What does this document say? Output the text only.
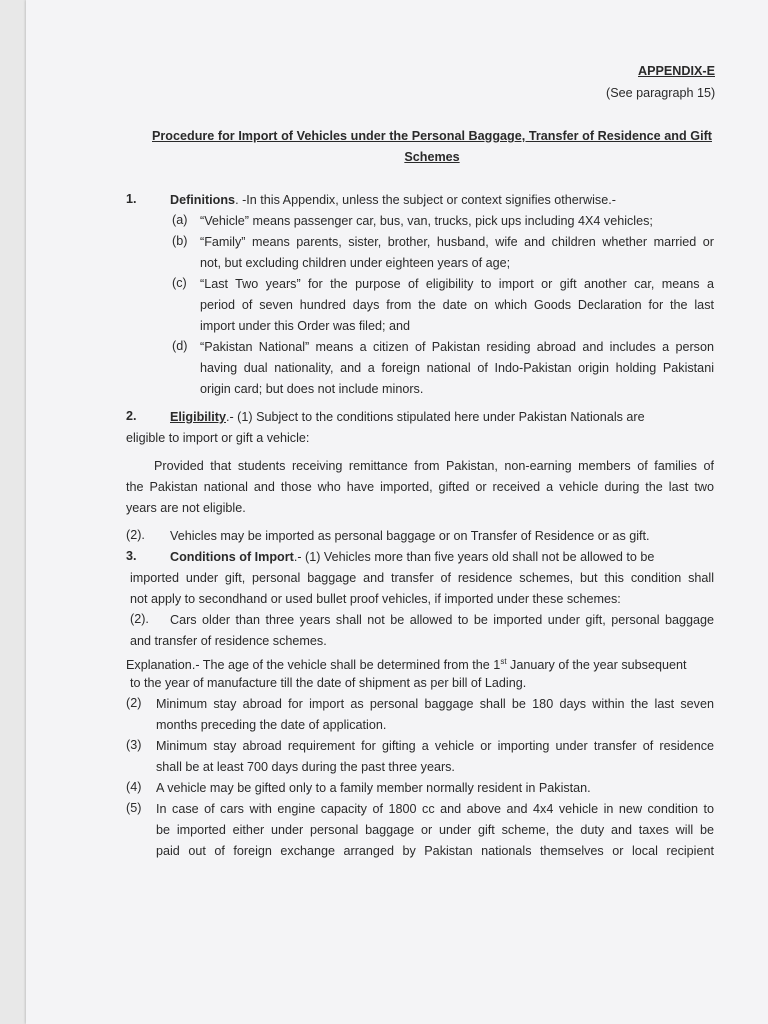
APPENDIX-E
(See paragraph 15)
Procedure for Import of Vehicles under the Personal Baggage, Transfer of Residence and Gift
Schemes
1.	Definitions. -In this Appendix, unless the subject or context signifies otherwise.-
(a) “Vehicle” means passenger car, bus, van, trucks, pick ups including 4X4 vehicles;
(b) “Family” means parents, sister, brother, husband, wife and children whether married or
not, but excluding children under eighteen years of age;
(c) “Last Two years” for the purpose of eligibility to import or gift another car, means a
period of seven hundred days from the date on which Goods Declaration for the last
import under this Order was filed; and
(d) “Pakistan National” means a citizen of Pakistan residing abroad and includes a person
having dual nationality, and a foreign national of Indo-Pakistan origin holding Pakistani
origin card; but does not include minors.
2.	Eligibility.- (1) Subject to the conditions stipulated here under Pakistan Nationals are
eligible to import or gift a vehicle:
Provided that students receiving remittance from Pakistan, non-earning members of families of
the Pakistan national and those who have imported, gifted or received a vehicle during the last two
years are not eligible.
(2). Vehicles may be imported as personal baggage or on Transfer of Residence or as gift.
3.	Conditions of Import.- (1) Vehicles more than five years old shall not be allowed to be
imported under gift, personal baggage and transfer of residence schemes, but this condition shall
not apply to secondhand or used bullet proof vehicles, if imported under these schemes:
(2). Cars older than three years shall not be allowed to be imported under gift, personal baggage
and transfer of residence schemes.
Explanation.- The age of the vehicle shall be determined from the 1st January of the year subsequent
to the year of manufacture till the date of shipment as per bill of Lading.
(2) Minimum stay abroad for import as personal baggage shall be 180 days within the last seven
months preceding the date of application.
(3) Minimum stay abroad requirement for gifting a vehicle or importing under transfer of residence
shall be at least 700 days during the past three years.
(4) A vehicle may be gifted only to a family member normally resident in Pakistan.
(5) In case of cars with engine capacity of 1800 cc and above and 4x4 vehicle in new condition to
be imported either under personal baggage or under gift scheme, the duty and taxes will be
paid out of foreign exchange arranged by Pakistan nationals themselves or local recipient
